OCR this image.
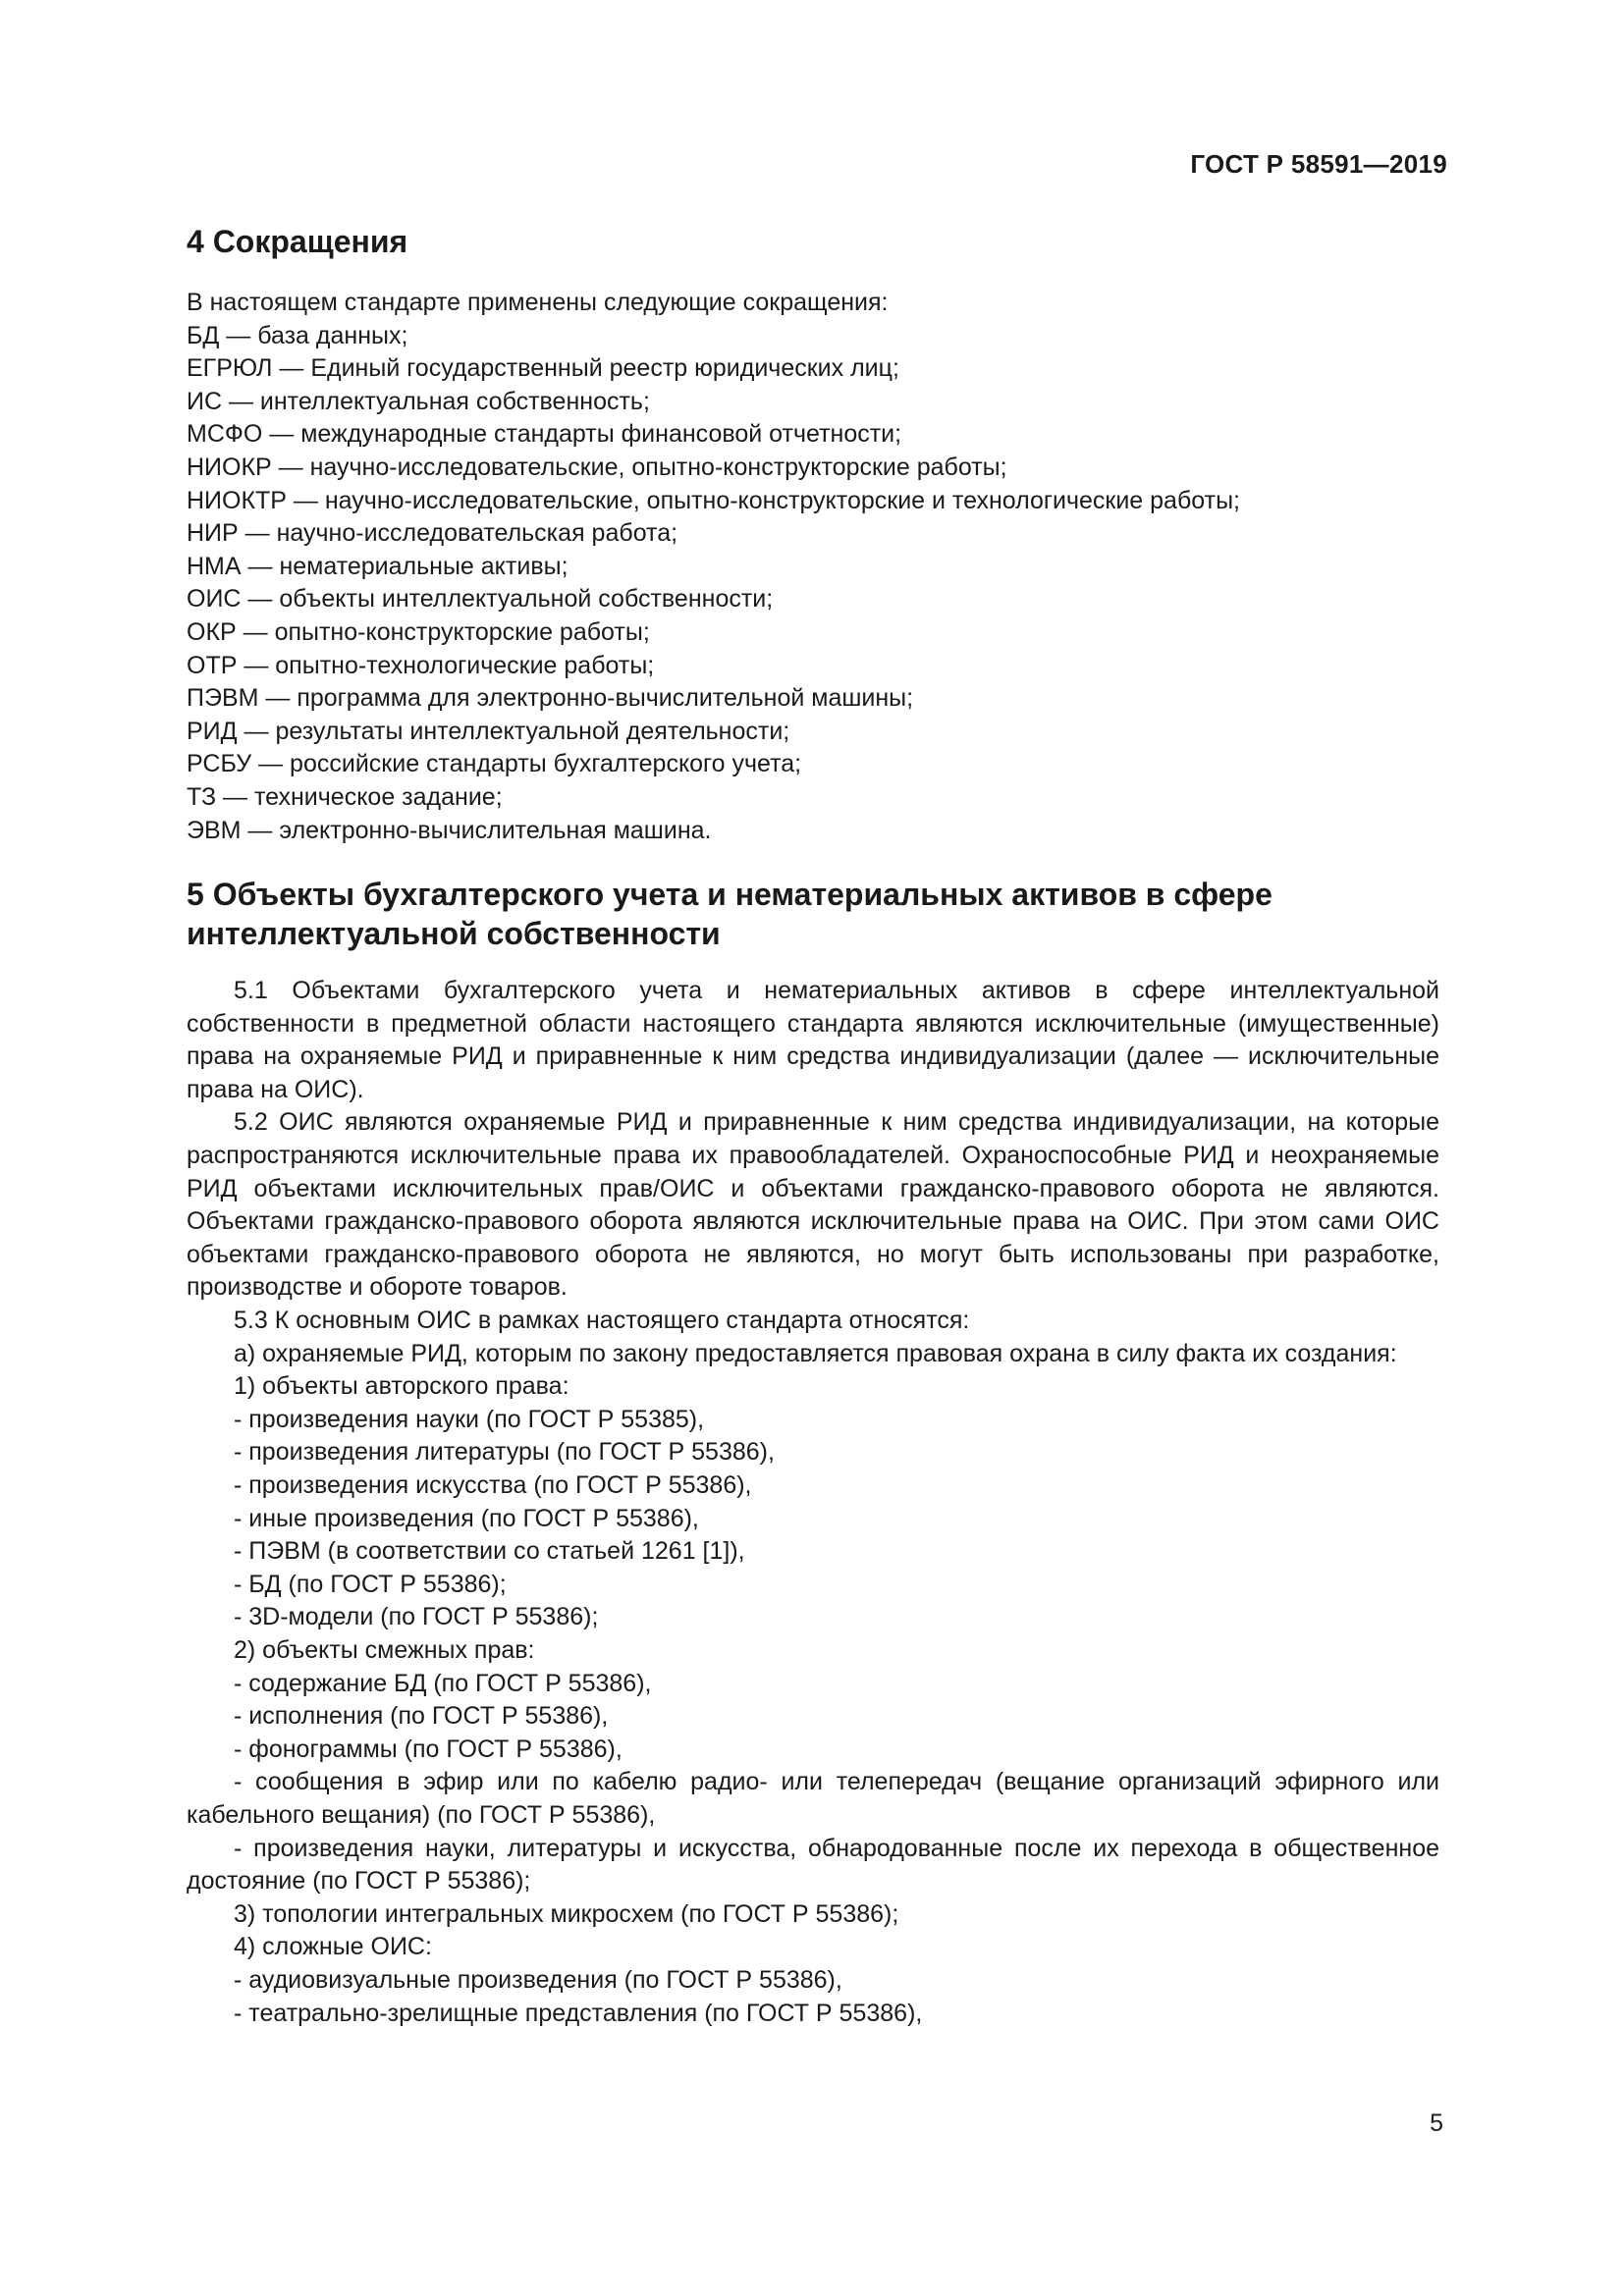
ГОСТ Р 58591—2019
4 Сокращения

В настоящем стандарте применены следующие сокращения:

БД — база данных;

ЕГРЮЛ — Единый государственный реестр юридических лиц;

ИС — интеллектуальная собственность;

МСФО — международные стандарты финансовой отчетности;

НИОКР — научно-исследовательские, опытно-конструкторские работы;

НИОКТР — научно-исследовательские, опытно-конструкторские и технологические работы;

НИР — научно-исследовательская работа;

НМА — нематериальные активы;

ОИС — объекты интеллектуальной собственности;

ОКР — опытно-конструкторские работы;

ОТР — опытно-технологические работы;

ПЭВМ — программа для электронно-вычислительной машины;

РИД — результаты интеллектуальной деятельности;

РСБУ — российские стандарты бухгалтерского учета;

ТЗ — техническое задание;

ЭВМ — электронно-вычислительная машина.

5 Объекты бухгалтерского учета и нематериальных активов в сфере интеллектуальной собственности

5.1 Объектами бухгалтерского учета и нематериальных активов в сфере интеллектуальной собственности в предметной области настоящего стандарта являются исключительные (имущественные) права на охраняемые РИД и приравненные к ним средства индивидуализации (далее — исключительные права на ОИС).

5.2 ОИС являются охраняемые РИД и приравненные к ним средства индивидуализации, на которые распространяются исключительные права их правообладателей. Охраноспособные РИД и неохраняемые РИД объектами исключительных прав/ОИС и объектами гражданско-правового оборота не являются. Объектами гражданско-правового оборота являются исключительные права на ОИС. При этом сами ОИС объектами гражданско-правового оборота не являются, но могут быть использованы при разработке, производстве и обороте товаров.

5.3 К основным ОИС в рамках настоящего стандарта относятся:

а) охраняемые РИД, которым по закону предоставляется правовая охрана в силу факта их создания:

1) объекты авторского права:

- произведения науки (по ГОСТ Р 55385),

- произведения литературы (по ГОСТ Р 55386),

- произведения искусства (по ГОСТ Р 55386),

- иные произведения (по ГОСТ Р 55386),

- ПЭВМ (в соответствии со статьей 1261 [1]),

- БД (по ГОСТ Р 55386);

- 3D-модели (по ГОСТ Р 55386);

2) объекты смежных прав:

- содержание БД (по ГОСТ Р 55386),

- исполнения (по ГОСТ Р 55386),

- фонограммы (по ГОСТ Р 55386),

- сообщения в эфир или по кабелю радио- или телепередач (вещание организаций эфирного или кабельного вещания) (по ГОСТ Р 55386),

- произведения науки, литературы и искусства, обнародованные после их перехода в общественное достояние (по ГОСТ Р 55386);

3) топологии интегральных микросхем (по ГОСТ Р 55386);

4) сложные ОИС:

- аудиовизуальные произведения (по ГОСТ Р 55386),

- театрально-зрелищные представления (по ГОСТ Р 55386),

5
